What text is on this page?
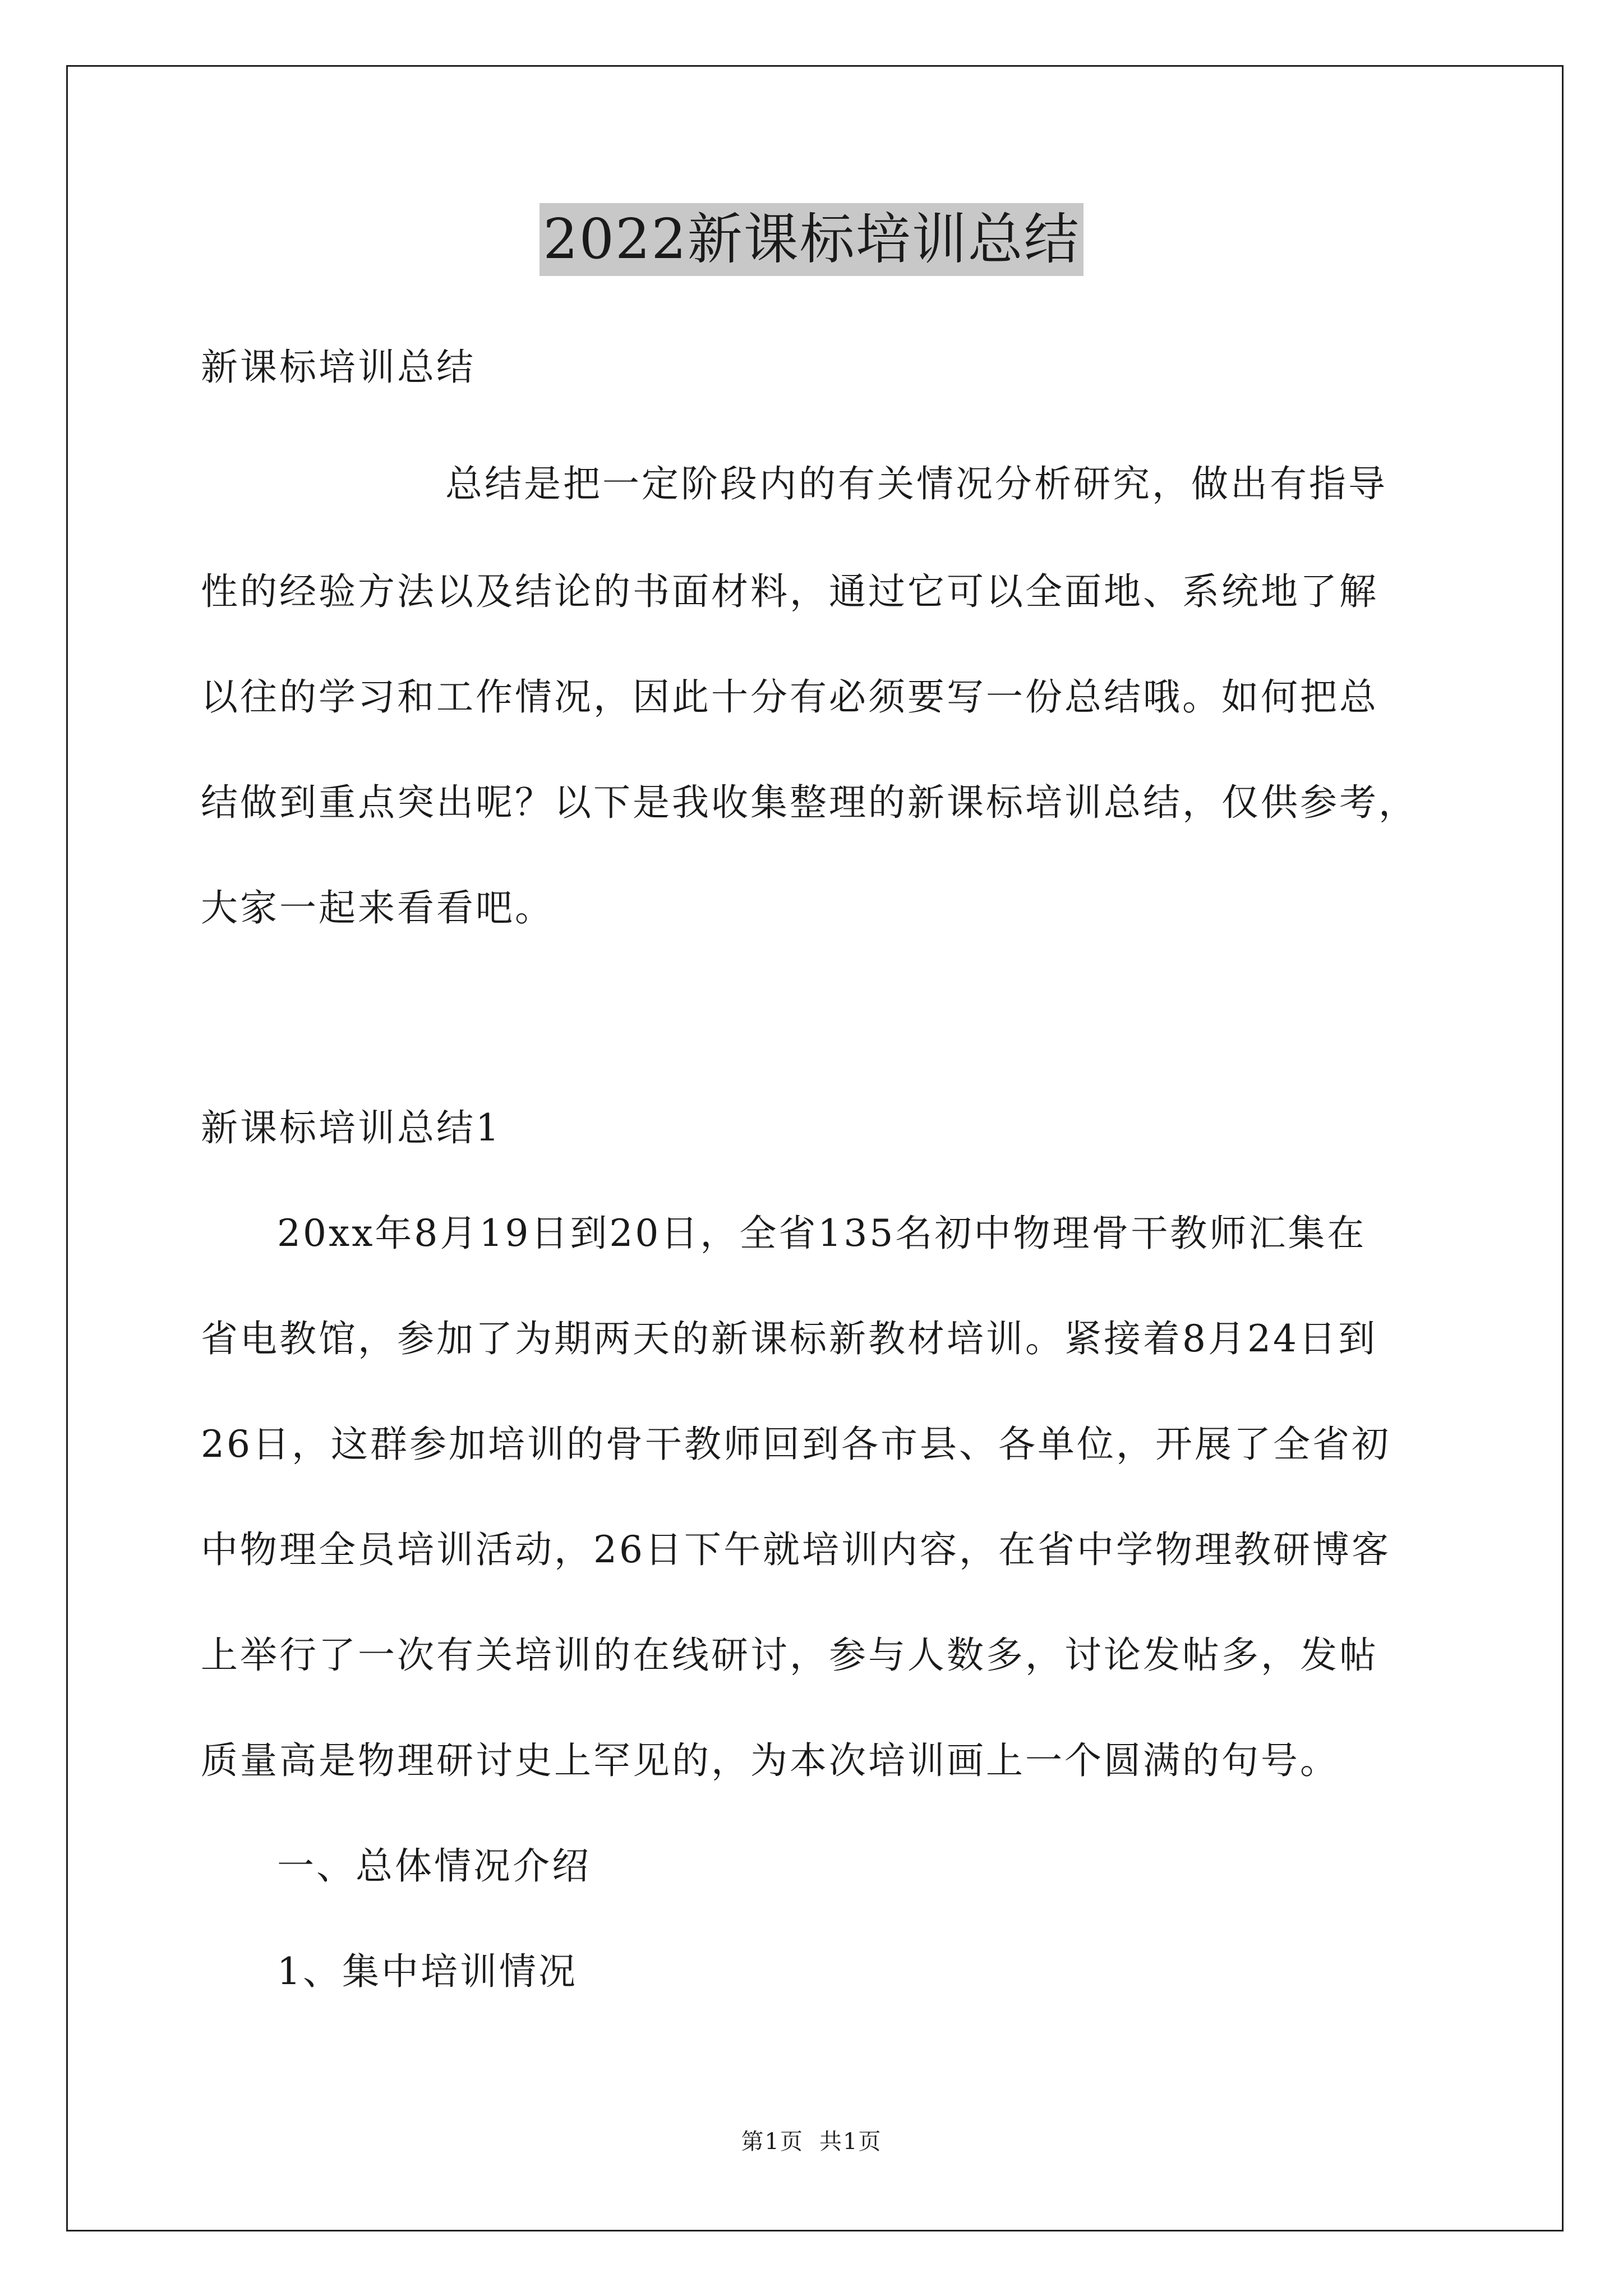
2022新课标培训总结
新课标培训总结
总结是把一定阶段内的有关情况分析研究，做出有指导
性的经验方法以及结论的书面材料，通过它可以全面地、系统地了解
以往的学习和工作情况，因此十分有必须要写一份总结哦。如何把总
结做到重点突出呢？以下是我收集整理的新课标培训总结，仅供参考，
大家一起来看看吧。
新课标培训总结1
20xx年8月19日到20日，全省135名初中物理骨干教师汇集在
省电教馆，参加了为期两天的新课标新教材培训。紧接着8月24日到
26日，这群参加培训的骨干教师回到各市县、各单位，开展了全省初
中物理全员培训活动，26日下午就培训内容，在省中学物理教研博客
上举行了一次有关培训的在线研讨，参与人数多，讨论发帖多，发帖
质量高是物理研讨史上罕见的，为本次培训画上一个圆满的句号。
一、总体情况介绍
1、集中培训情况
第1页 共1页
